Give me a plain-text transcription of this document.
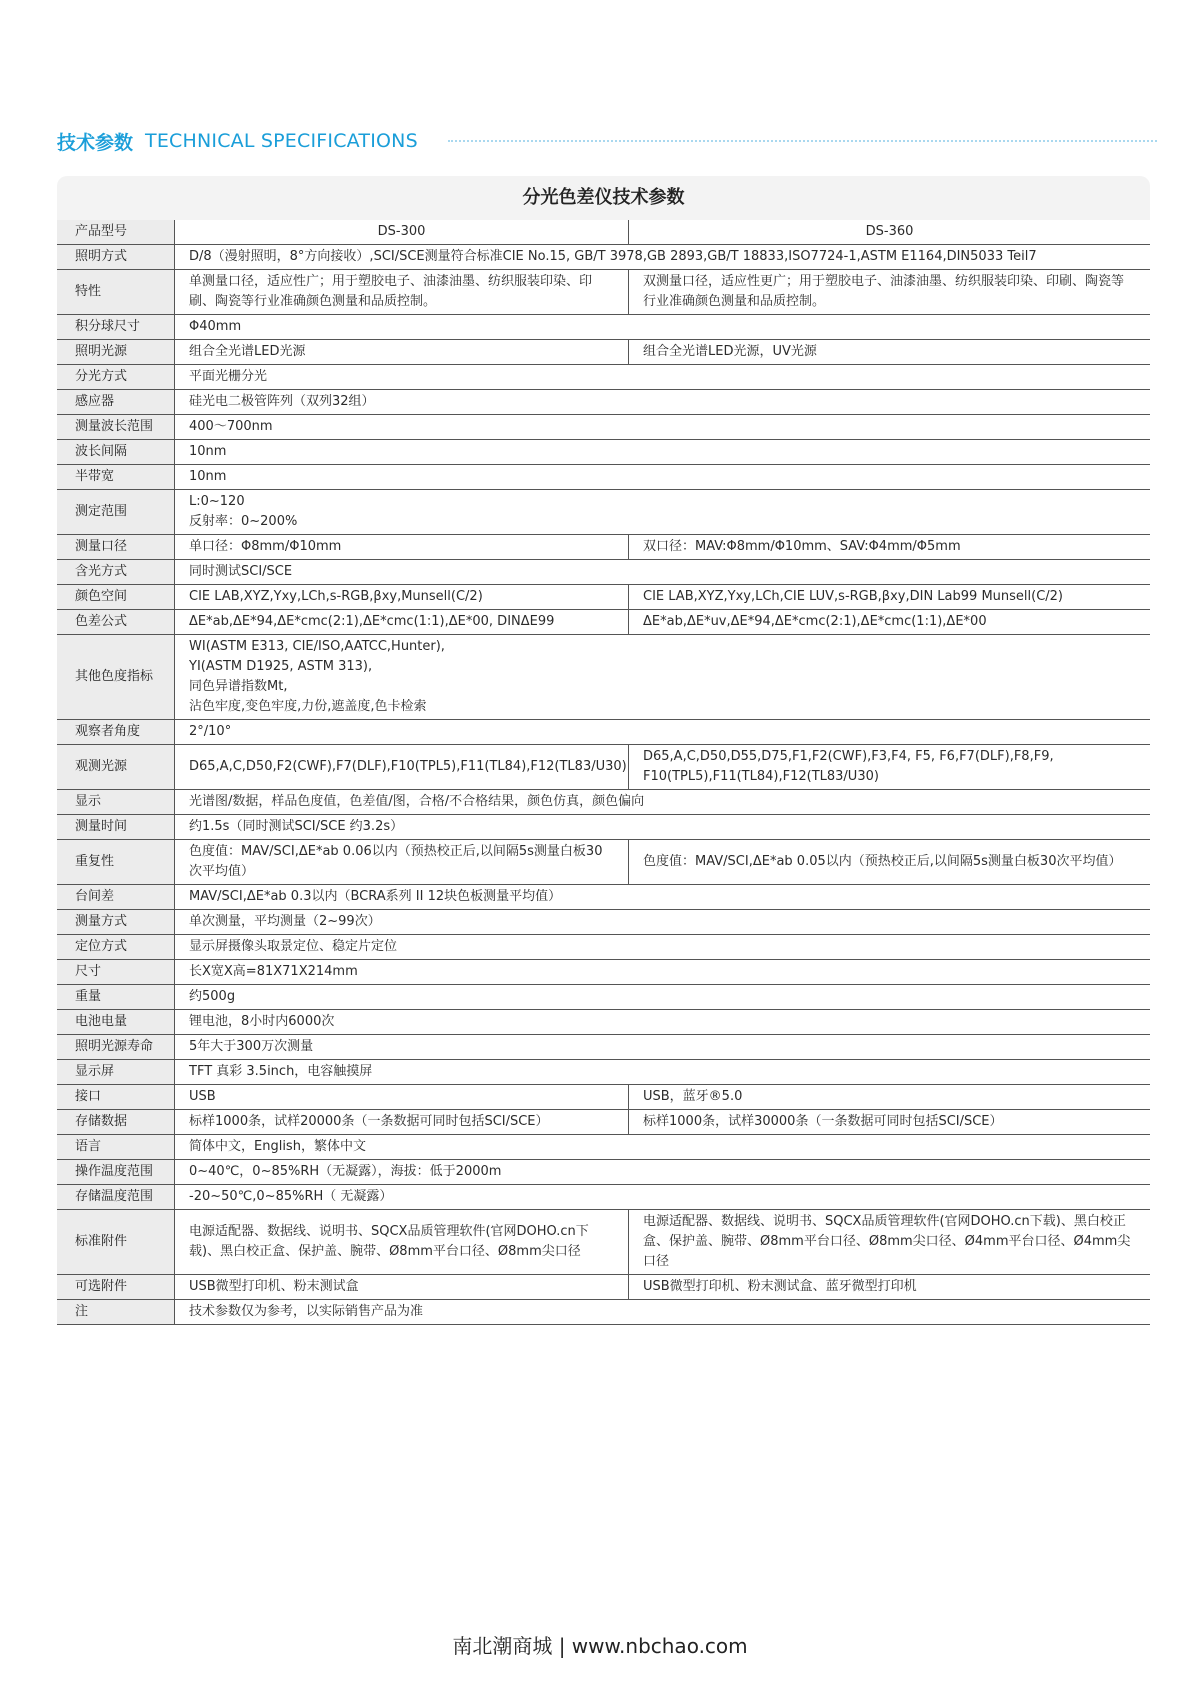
技术参数 TECHNICAL SPECIFICATIONS
分光色差仪技术参数
产品型号	DS-300	DS-360
照明方式	D/8（漫射照明，8°方向接收）,SCI/SCE测量符合标准CIE No.15, GB/T 3978,GB 2893,GB/T 18833,ISO7724-1,ASTM E1164,DIN5033 Teil7	
特性	单测量口径，适应性广；用于塑胶电子、油漆油墨、纺织服装印染、印刷、陶瓷等行业准确颜色测量和品质控制。	双测量口径，适应性更广；用于塑胶电子、油漆油墨、纺织服装印染、印刷、陶瓷等行业准确颜色测量和品质控制。
积分球尺寸	Φ40mm	
照明光源	组合全光谱LED光源	组合全光谱LED光源，UV光源
分光方式	平面光栅分光	
感应器	硅光电二极管阵列（双列32组）	
测量波长范围	400～700nm	
波长间隔	10nm	
半带宽	10nm	
测定范围	L:0~120
反射率：0~200%	
测量口径	单口径：Φ8mm/Φ10mm	双口径：MAV:Φ8mm/Φ10mm、SAV:Φ4mm/Φ5mm
含光方式	同时测试SCI/SCE	
颜色空间	CIE LAB,XYZ,Yxy,LCh,s-RGB,βxy,Munsell(C/2)	CIE LAB,XYZ,Yxy,LCh,CIE LUV,s-RGB,βxy,DIN Lab99 Munsell(C/2)
色差公式	ΔE*ab,ΔE*94,ΔE*cmc(2:1),ΔE*cmc(1:1),ΔE*00, DINΔE99	ΔE*ab,ΔE*uv,ΔE*94,ΔE*cmc(2:1),ΔE*cmc(1:1),ΔE*00
其他色度指标	WI(ASTM E313, CIE/ISO,AATCC,Hunter),
YI(ASTM D1925, ASTM 313),
同色异谱指数Mt,
沾色牢度,变色牢度,力份,遮盖度,色卡检索	
观察者角度	2°/10°	
观测光源	D65,A,C,D50,F2(CWF),F7(DLF),F10(TPL5),F11(TL84),F12(TL83/U30)	D65,A,C,D50,D55,D75,F1,F2(CWF),F3,F4, F5, F6,F7(DLF),F8,F9,
F10(TPL5),F11(TL84),F12(TL83/U30)
显示	光谱图/数据，样品色度值，色差值/图，合格/不合格结果，颜色仿真，颜色偏向	
测量时间	约1.5s（同时测试SCI/SCE 约3.2s）	
重复性	色度值：MAV/SCI,ΔE*ab 0.06以内（预热校正后,以间隔5s测量白板30次平均值）	色度值：MAV/SCI,ΔE*ab 0.05以内（预热校正后,以间隔5s测量白板30次平均值）
台间差	MAV/SCI,ΔE*ab 0.3以内（BCRA系列 II 12块色板测量平均值）	
测量方式	单次测量，平均测量（2~99次）	
定位方式	显示屏摄像头取景定位、稳定片定位	
尺寸	长X宽X高=81X71X214mm	
重量	约500g	
电池电量	锂电池，8小时内6000次	
照明光源寿命	5年大于300万次测量	
显示屏	TFT 真彩 3.5inch，电容触摸屏	
接口	USB	USB，蓝牙®5.0
存储数据	标样1000条，试样20000条（一条数据可同时包括SCI/SCE）	标样1000条，试样30000条（一条数据可同时包括SCI/SCE）
语言	简体中文，English，繁体中文	
操作温度范围	0~40℃，0~85%RH（无凝露），海拔：低于2000m	
存储温度范围	-20~50℃,0~85%RH（ 无凝露）	
标准附件	电源适配器、数据线、说明书、SQCX品质管理软件(官网DOHO.cn下载)、黑白校正盒、保护盖、腕带、Ø8mm平台口径、Ø8mm尖口径	电源适配器、数据线、说明书、SQCX品质管理软件(官网DOHO.cn下载)、黑白校正盒、保护盖、腕带、Ø8mm平台口径、Ø8mm尖口径、Ø4mm平台口径、Ø4mm尖口径
可选附件	USB微型打印机、粉末测试盒	USB微型打印机、粉末测试盒、蓝牙微型打印机
注	技术参数仅为参考，以实际销售产品为准	
南北潮商城 | www.nbchao.com
